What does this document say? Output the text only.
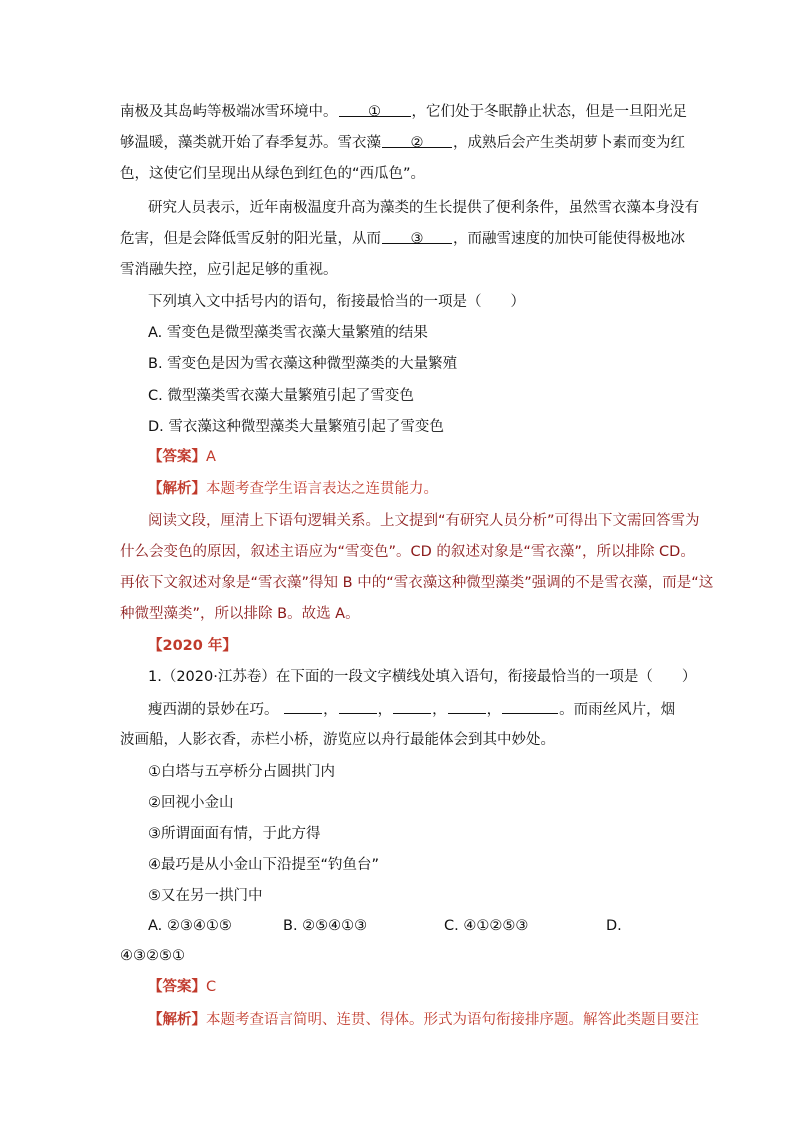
南极及其岛屿等极端冰雪环境中。 ① ，它们处于冬眠静止状态，但是一旦阳光足
够温暖，藻类就开始了春季复苏。雪衣藻 ② ，成熟后会产生类胡萝卜素而变为红
色，这使它们呈现出从绿色到红色的“西瓜色”。
研究人员表示，近年南极温度升高为藻类的生长提供了便利条件，虽然雪衣藻本身没有
危害，但是会降低雪反射的阳光量，从而 ③ ，而融雪速度的加快可能使得极地冰
雪消融失控，应引起足够的重视。
下列填入文中括号内的语句，衔接最恰当的一项是（　　）
A. 雪变色是微型藻类雪衣藻大量繁殖的结果
B. 雪变色是因为雪衣藻这种微型藻类的大量繁殖
C. 微型藻类雪衣藻大量繁殖引起了雪变色
D. 雪衣藻这种微型藻类大量繁殖引起了雪变色
【答案】A
【解析】本题考查学生语言表达之连贯能力。
阅读文段，厘清上下语句逻辑关系。上文提到“有研究人员分析”可得出下文需回答雪为
什么会变色的原因，叙述主语应为“雪变色”。CD 的叙述对象是“雪衣藻”，所以排除 CD。
再依下文叙述对象是“雪衣藻”得知 B 中的“雪衣藻这种微型藻类”强调的不是雪衣藻，而是“这
种微型藻类”，所以排除 B。故选 A。
【2020 年】
1.（2020·江苏卷）在下面的一段文字横线处填入语句，衔接最恰当的一项是（　　）
瘦西湖的景妙在巧。	，	，	，	，	。而雨丝风片，烟
波画船，人影衣香，赤栏小桥，游览应以舟行最能体会到其中妙处。
①白塔与五亭桥分占圆拱门内
②回视小金山
③所谓面面有情，于此方得
④最巧是从小金山下沿提至“钓鱼台”
⑤又在另一拱门中
A. ②③④①⑤	B. ②⑤④①③	C. ④①②⑤③	D.
④③②⑤①
【答案】C
【解析】本题考查语言简明、连贯、得体。形式为语句衔接排序题。解答此类题目要注
